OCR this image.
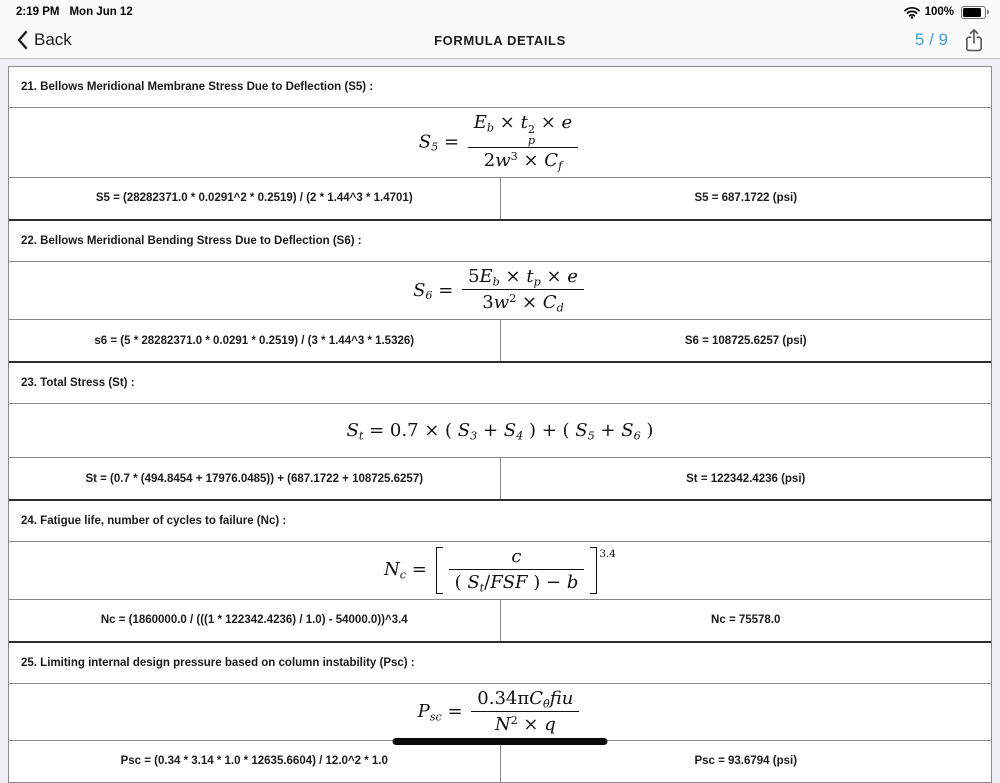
2:19 PM Mon Jun 12	100%
Back	FORMULA DETAILS	5 / 9
21. Bellows Meridional Membrane Stress Due to Deflection (S5) :
S5 = Eb × t 2
p
× e
$2w^3 \times Cf$
S5 = (28282371.0 * 0.0291^2 * 0.2519) / (2 * 1.44^3 * 1.4701)	S5 = 687.1722 (psi)
22. Bellows Meridional Bending Stress Due to Deflection (S6) :
$S6 = \frac{5Eb \times tp \times e}{3w^2 \times Cd}$
s6 = (5 * 28282371.0 * 0.0291 * 0.2519) / (3 * 1.44^3 * 1.5326)	S6 = 108725.6257 (psi)
23. Total Stress (St) :
St = 0.7 × ( S3 + S4 ) + ( S5 + S6 )
St = (0.7 * (494.8454 + 17976.0485)) + (687.1722 + 108725.6257)	St = 122342.4236 (psi)
24. Fatigue life, number of cycles to failure (Nc) :
$Nc = \frac{c}{\text{( St/FSF ) − b}} ^{3.4}$
Nc = (1860000.0 / (((1 * 122342.4236) / 1.0) - 54000.0))^3.4	Nc = 75578.0
25. Limiting internal design pressure based on column instability (Psc) :
Psc = $\frac{\text{0.34πCθfiu}}{N^2 \times q}$
Psc = (0.34 * 3.14 * 1.0 * 12635.6604) / 12.0^2 * 1.0	Psc = 93.6794 (psi)
